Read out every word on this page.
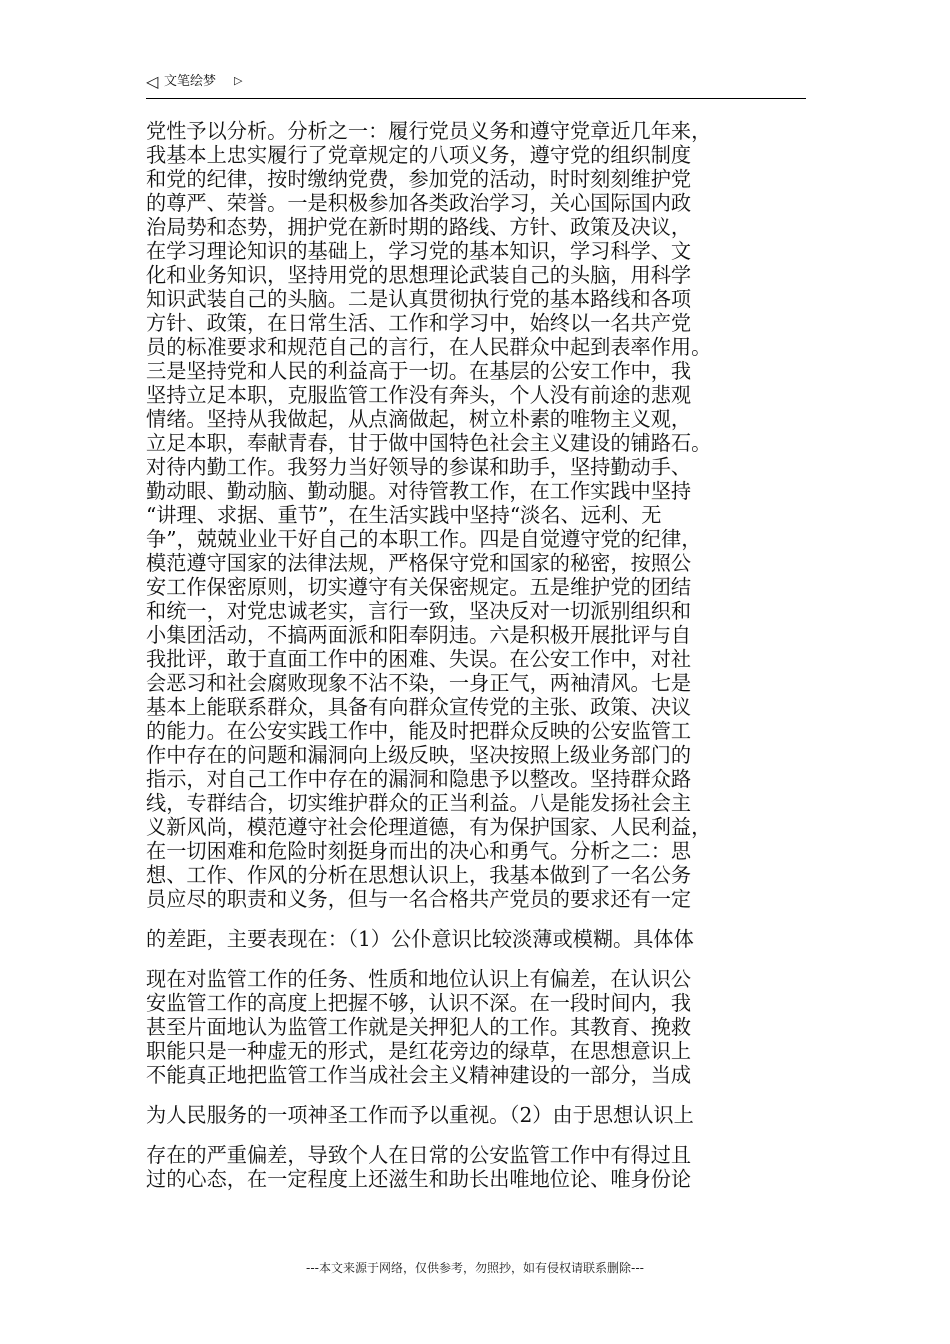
◁ 文笔绘梦 ▷
党性予以分析。分析之一：履行党员义务和遵守党章近几年来，
我基本上忠实履行了党章规定的八项义务，遵守党的组织制度
和党的纪律，按时缴纳党费，参加党的活动，时时刻刻维护党
的尊严、荣誉。一是积极参加各类政治学习，关心国际国内政
治局势和态势，拥护党在新时期的路线、方针、政策及决议，
在学习理论知识的基础上，学习党的基本知识，学习科学、文
化和业务知识，坚持用党的思想理论武装自己的头脑，用科学
知识武装自己的头脑。二是认真贯彻执行党的基本路线和各项
方针、政策，在日常生活、工作和学习中，始终以一名共产党
员的标准要求和规范自己的言行，在人民群众中起到表率作用。
三是坚持党和人民的利益高于一切。在基层的公安工作中，我
坚持立足本职，克服监管工作没有奔头，个人没有前途的悲观
情绪。坚持从我做起，从点滴做起，树立朴素的唯物主义观，
立足本职，奉献青春，甘于做中国特色社会主义建设的铺路石。
对待内勤工作。我努力当好领导的参谋和助手，坚持勤动手、
勤动眼、勤动脑、勤动腿。对待管教工作，在工作实践中坚持
“讲理、求据、重节”，在生活实践中坚持“淡名、远利、无
争”，兢兢业业干好自己的本职工作。四是自觉遵守党的纪律，
模范遵守国家的法律法规，严格保守党和国家的秘密，按照公
安工作保密原则，切实遵守有关保密规定。五是维护党的团结
和统一，对党忠诚老实，言行一致，坚决反对一切派别组织和
小集团活动，不搞两面派和阳奉阴违。六是积极开展批评与自
我批评，敢于直面工作中的困难、失误。在公安工作中，对社
会恶习和社会腐败现象不沾不染，一身正气，两袖清风。七是
基本上能联系群众，具备有向群众宣传党的主张、政策、决议
的能力。在公安实践工作中，能及时把群众反映的公安监管工
作中存在的问题和漏洞向上级反映，坚决按照上级业务部门的
指示，对自己工作中存在的漏洞和隐患予以整改。坚持群众路
线，专群结合，切实维护群众的正当利益。八是能发扬社会主
义新风尚，模范遵守社会伦理道德，有为保护国家、人民利益，
在一切困难和危险时刻挺身而出的决心和勇气。分析之二：思
想、工作、作风的分析在思想认识上，我基本做到了一名公务
员应尽的职责和义务，但与一名合格共产党员的要求还有一定
的差距，主要表现在：（1）公仆意识比较淡薄或模糊。具体体
现在对监管工作的任务、性质和地位认识上有偏差，在认识公
安监管工作的高度上把握不够，认识不深。在一段时间内，我
甚至片面地认为监管工作就是关押犯人的工作。其教育、挽救
职能只是一种虚无的形式，是红花旁边的绿草，在思想意识上
不能真正地把监管工作当成社会主义精神建设的一部分，当成
为人民服务的一项神圣工作而予以重视。（2）由于思想认识上
存在的严重偏差，导致个人在日常的公安监管工作中有得过且
过的心态，在一定程度上还滋生和助长出唯地位论、唯身份论
---本文来源于网络，仅供参考，勿照抄，如有侵权请联系删除---
